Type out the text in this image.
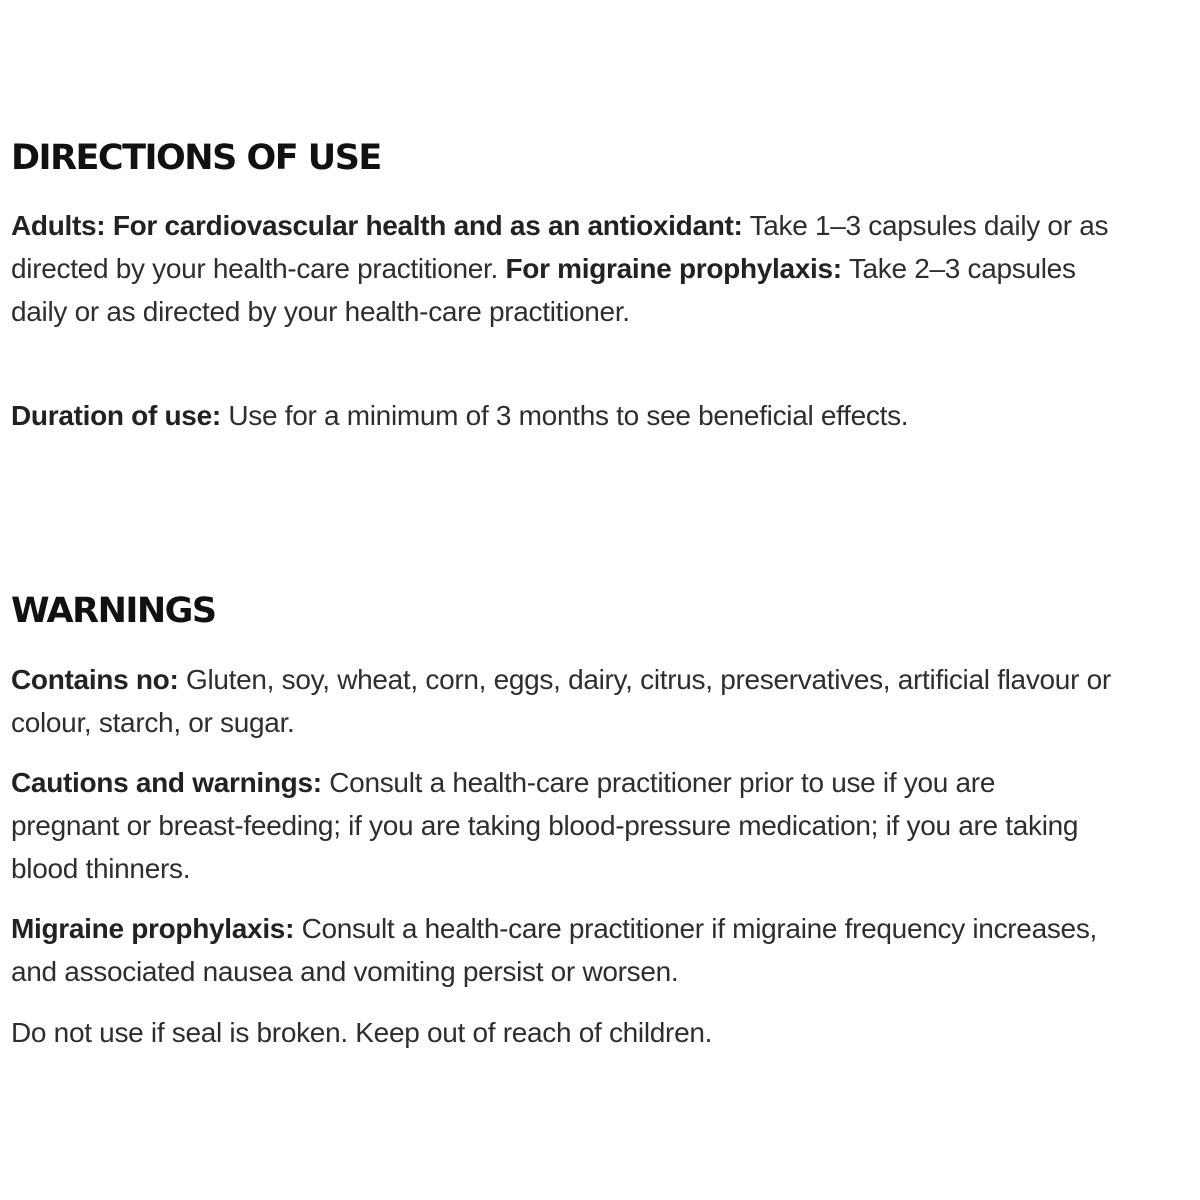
DIRECTIONS OF USE

Adults: For cardiovascular health and as an antioxidant: Take 1–3 capsules daily or as
directed by your health-care practitioner. For migraine prophylaxis: Take 2–3 capsules
daily or as directed by your health-care practitioner.

Duration of use: Use for a minimum of 3 months to see beneficial effects.

WARNINGS

Contains no: Gluten, soy, wheat, corn, eggs, dairy, citrus, preservatives, artificial flavour or
colour, starch, or sugar.

Cautions and warnings: Consult a health-care practitioner prior to use if you are
pregnant or breast-feeding; if you are taking blood-pressure medication; if you are taking
blood thinners.

Migraine prophylaxis: Consult a health-care practitioner if migraine frequency increases,
and associated nausea and vomiting persist or worsen.

Do not use if seal is broken. Keep out of reach of children.
